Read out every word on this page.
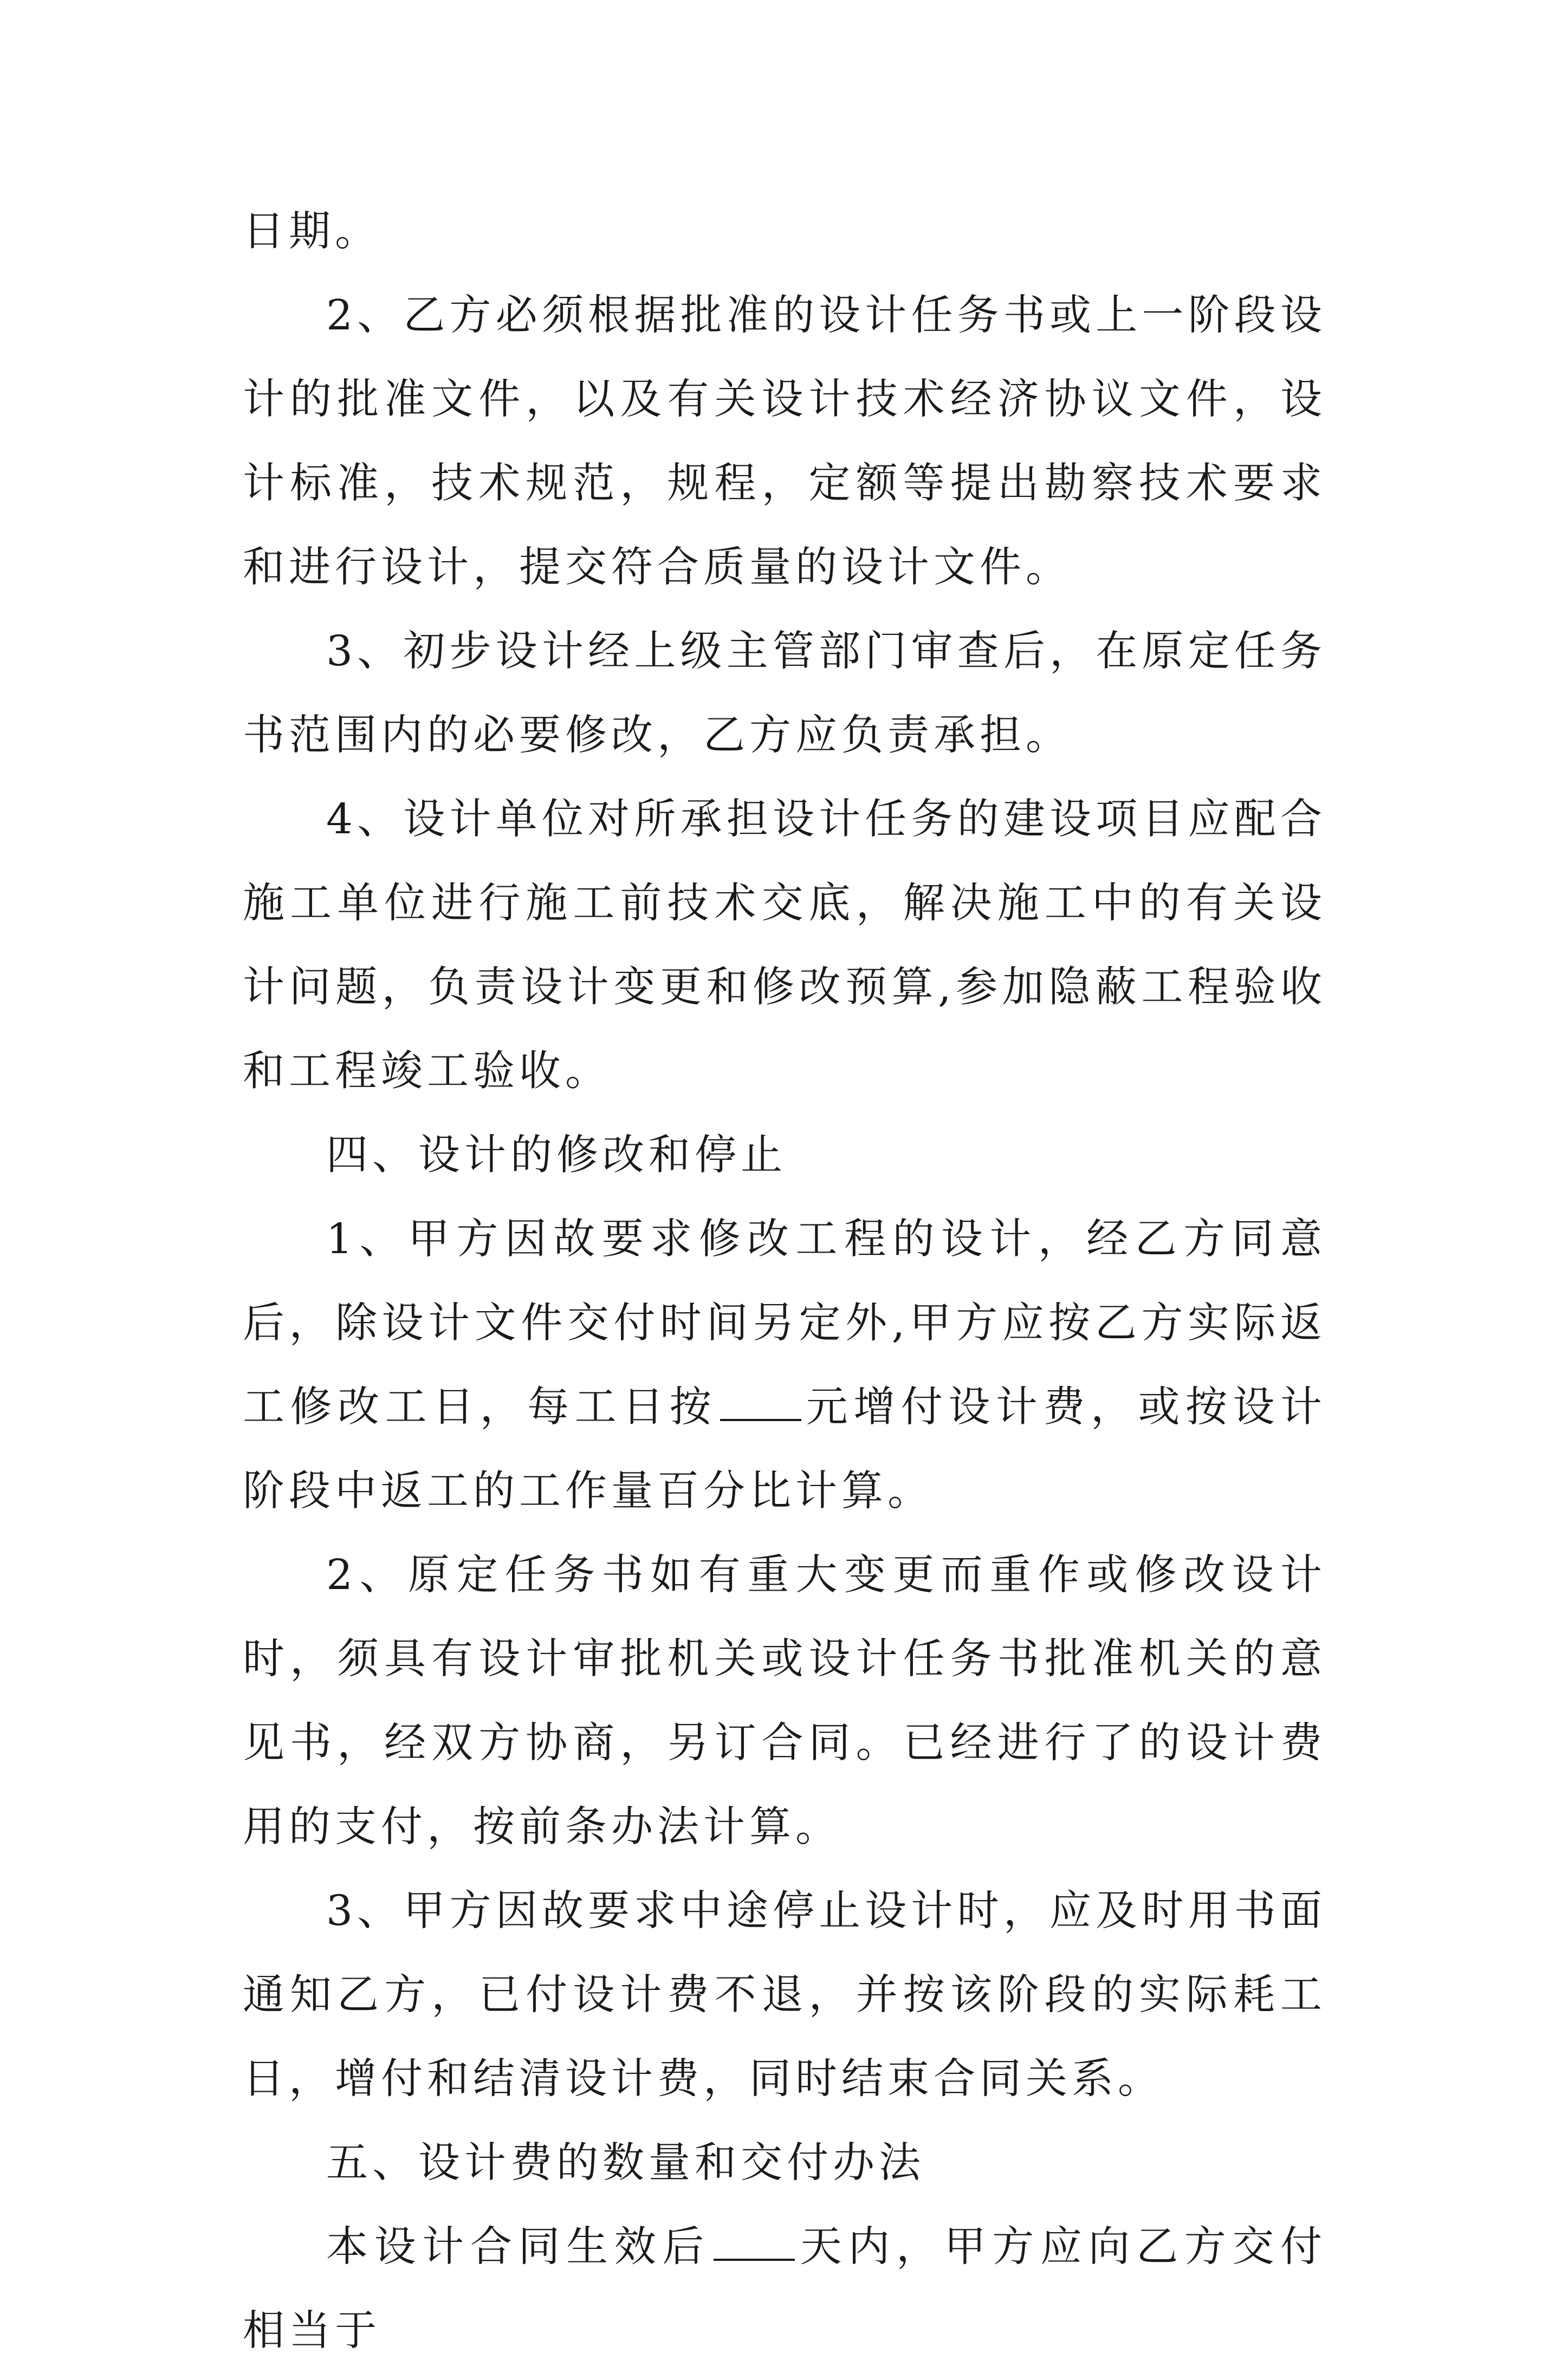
日期。

2、乙方必须根据批准的设计任务书或上一阶段设计的批准文件，以及有关设计技术经济协议文件，设计标准，技术规范，规程，定额等提出勘察技术要求和进行设计，提交符合质量的设计文件。

3、初步设计经上级主管部门审查后，在原定任务书范围内的必要修改，乙方应负责承担。

4、设计单位对所承担设计任务的建设项目应配合施工单位进行施工前技术交底，解决施工中的有关设计问题，负责设计变更和修改预算,参加隐蔽工程验收和工程竣工验收。

四、设计的修改和停止

1、甲方因故要求修改工程的设计，经乙方同意后，除设计文件交付时间另定外,甲方应按乙方实际返工修改工日，每工日按 元增付设计费，或按设计阶段中返工的工作量百分比计算。

2、原定任务书如有重大变更而重作或修改设计时，须具有设计审批机关或设计任务书批准机关的意见书，经双方协商，另订合同。已经进行了的设计费用的支付，按前条办法计算。

3、甲方因故要求中途停止设计时，应及时用书面通知乙方，已付设计费不退，并按该阶段的实际耗工日，增付和结清设计费，同时结束合同关系。

五、设计费的数量和交付办法

本设计合同生效后 天内，甲方应向乙方交付相当于
